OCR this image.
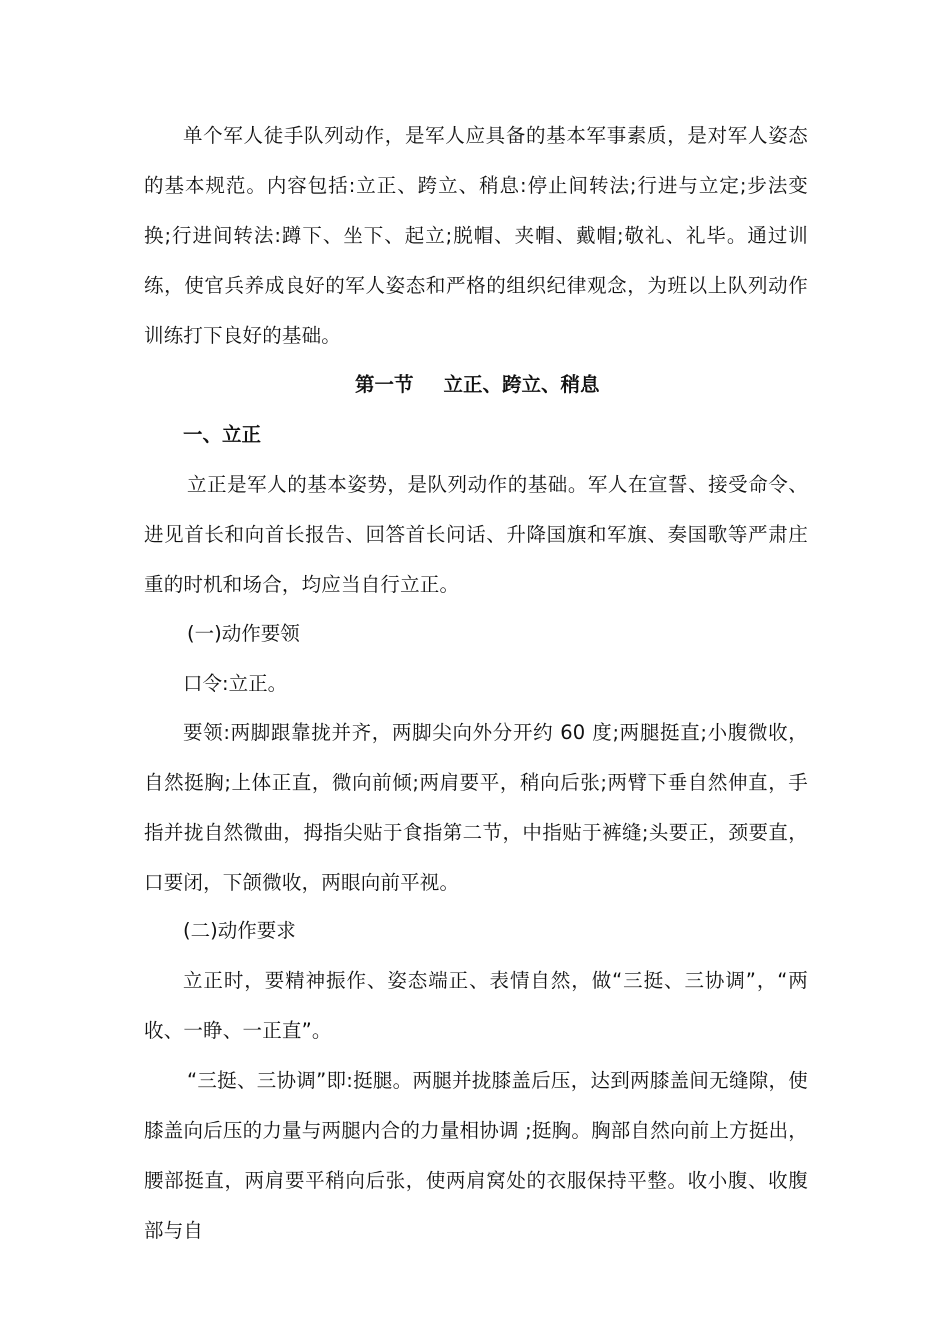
单个军人徒手队列动作，是军人应具备的基本军事素质，是对军人姿态的基本规范。内容包括:立正、跨立、稍息:停止间转法;行进与立定;步法变换;行进间转法:蹲下、坐下、起立;脱帽、夹帽、戴帽;敬礼、礼毕。通过训练，使官兵养成良好的军人姿态和严格的组织纪律观念，为班以上队列动作训练打下良好的基础。

第一节 立正、跨立、稍息

一、立正

立正是军人的基本姿势，是队列动作的基础。军人在宣誓、接受命令、进见首长和向首长报告、回答首长问话、升降国旗和军旗、奏国歌等严肃庄重的时机和场合，均应当自行立正。

(一)动作要领

口令:立正。

要领:两脚跟靠拢并齐，两脚尖向外分开约 60 度;两腿挺直;小腹微收，自然挺胸;上体正直，微向前倾;两肩要平，稍向后张;两臂下垂自然伸直，手指并拢自然微曲，拇指尖贴于食指第二节，中指贴于裤缝;头要正，颈要直，口要闭，下颌微收，两眼向前平视。

(二)动作要求

立正时，要精神振作、姿态端正、表情自然，做“三挺、三协调”，“两收、一睁、一正直”。

“三挺、三协调”即:挺腿。两腿并拢膝盖后压，达到两膝盖间无缝隙，使膝盖向后压的力量与两腿内合的力量相协调 ;挺胸。胸部自然向前上方挺出，腰部挺直，两肩要平稍向后张，使两肩窝处的衣服保持平整。收小腹、收腹部与自
